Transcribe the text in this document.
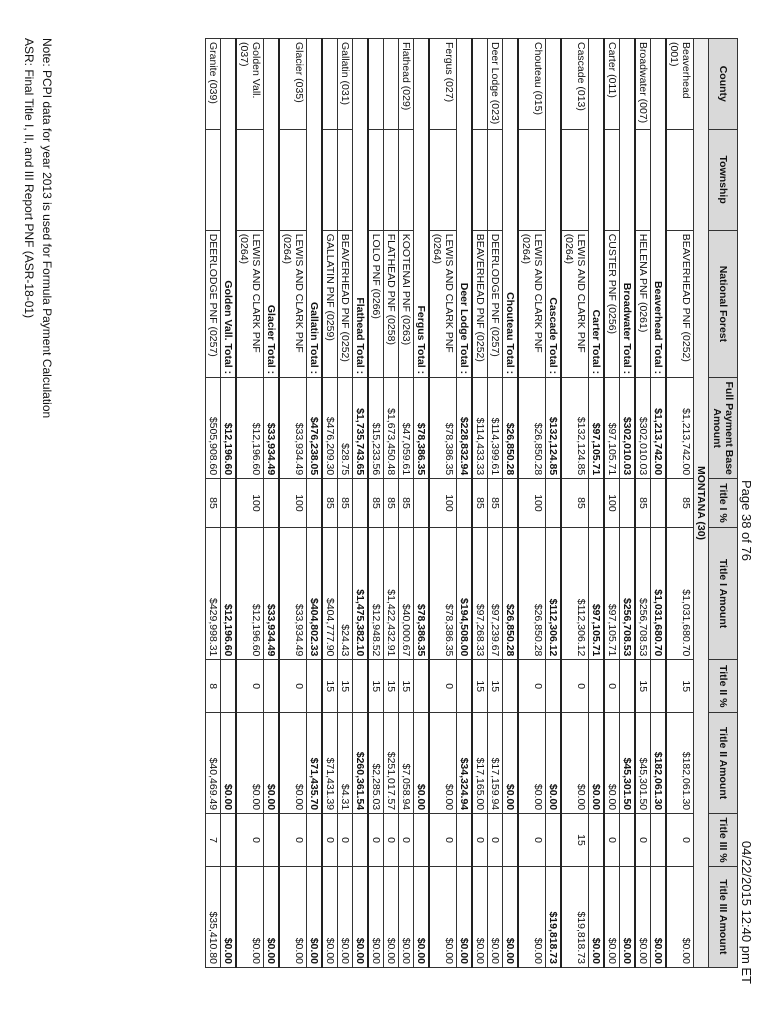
Page 38 of 76
04/22/2015 12:40 pm ET
County	Township	National Forest	Full Payment Base Amount	Title I %	Title I Amount	Title II %	Title II Amount	Title III %	Title III Amount
MONTANA (30)									
Beaverhead (001)		BEAVERHEAD PNF (0252)	$1,213,742.00	85	$1,031,680.70	15	$182,061.30	0	$0.00
Beaverhead Total :			$1,213,742.00		$1,031,680.70		$182,061.30		$0.00
Broadwater (007)		HELENA PNF (0261)	$302,010.03	85	$256,708.53	15	$45,301.50	0	$0.00
Broadwater Total :			$302,010.03		$256,708.53		$45,301.50		$0.00
Carter (011)		CUSTER PNF (0256)	$97,105.71	100	$97,105.71	0	$0.00	0	$0.00
Carter Total :			$97,105.71		$97,105.71		$0.00		$0.00
Cascade (013)		LEWIS AND CLARK PNF (0264)	$132,124.85	85	$112,306.12	0	$0.00	15	$19,818.73
Cascade Total :			$132,124.85		$112,306.12		$0.00		$19,818.73
Chouteau (015)		LEWIS AND CLARK PNF (0264)	$26,850.28	100	$26,850.28	0	$0.00	0	$0.00
Chouteau Total :			$26,850.28		$26,850.28		$0.00		$0.00
Deer Lodge (023)		DEERLODGE PNF (0257)	$114,399.61	85	$97,239.67	15	$17,159.94	0	$0.00
		BEAVERHEAD PNF (0252)	$114,433.33	85	$97,268.33	15	$17,165.00	0	$0.00
Deer Lodge Total :			$228,832.94		$194,508.00		$34,324.94		$0.00
Fergus (027)		LEWIS AND CLARK PNF (0264)	$78,386.35	100	$78,386.35	0	$0.00	0	$0.00
Fergus Total :			$78,386.35		$78,386.35		$0.00		$0.00
Flathead (029)		KOOTENAI PNF (0263)	$47,059.61	85	$40,000.67	15	$7,058.94	0	$0.00
		FLATHEAD PNF (0258)	$1,673,450.48	85	$1,422,432.91	15	$251,017.57	0	$0.00
		LOLO PNF (0266)	$15,233.56	85	$12,948.52	15	$2,285.03	0	$0.00
Flathead Total :			$1,735,743.65		$1,475,382.10		$260,361.54		$0.00
Gallatin (031)		BEAVERHEAD PNF (0252)	$28.75	85	$24.43	15	$4.31	0	$0.00
		GALLATIN PNF (0259)	$476,209.30	85	$404,777.90	15	$71,431.39	0	$0.00
Gallatin Total :			$476,238.05		$404,802.33		$71,435.70		$0.00
Glacier (035)		LEWIS AND CLARK PNF (0264)	$33,934.49	100	$33,934.49	0	$0.00	0	$0.00
Glacier Total :			$33,934.49		$33,934.49		$0.00		$0.00
Golden Vall. (037)		LEWIS AND CLARK PNF (0264)	$12,196.60	100	$12,196.60	0	$0.00	0	$0.00
Golden Vall. Total :			$12,196.60		$12,196.60		$0.00		$0.00
Granite (039)		DEERLODGE PNF (0257)	$505,908.60	85	$429,998.31	8	$40,469.49	7	$35,410.80
Note: PCPI data for year 2013 is used for Formula Payment Calculation
ASR: Final Title I, II, and III Report PNF (ASR-18-01)
